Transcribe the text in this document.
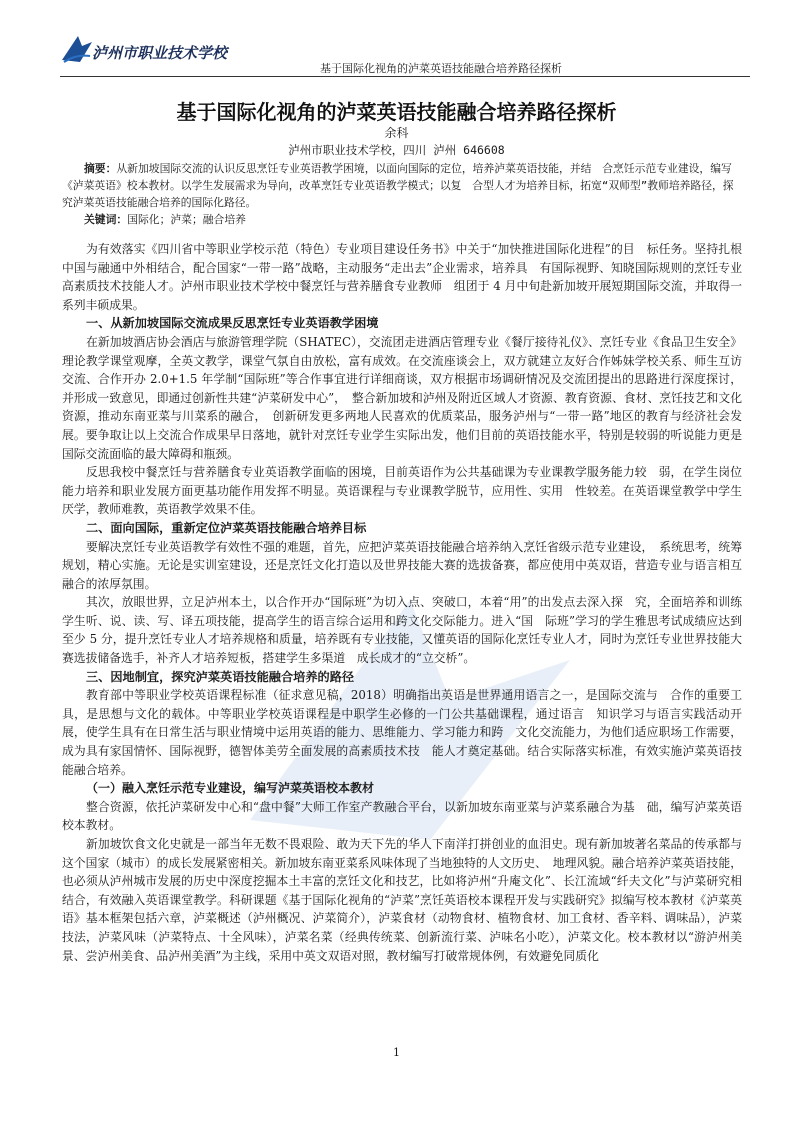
泸州市职业技术学校
基于国际化视角的泸菜英语技能融合培养路径探析
基于国际化视角的泸菜英语技能融合培养路径探析
余科
泸州市职业技术学校，四川 泸州 646608

摘要：从新加坡国际交流的认识反思烹饪专业英语教学困境，以面向国际的定位，培养泸菜英语技能，并结　合烹饪示范专业建设，编写《泸菜英语》校本教材。以学生发展需求为导向，改革烹饪专业英语教学模式；以复　合型人才为培养目标，拓宽“双师型”教师培养路径，探究泸菜英语技能融合培养的国际化路径。

关键词：国际化；泸菜；融合培养

为有效落实《四川省中等职业学校示范（特色）专业项目建设任务书》中关于“加快推进国际化进程”的目　标任务。坚持扎根中国与融通中外相结合，配合国家“一带一路”战略，主动服务“走出去”企业需求，培养具　有国际视野、知晓国际规则的烹饪专业高素质技术技能人才。泸州市职业技术学校中餐烹饪与营养膳食专业教师　组团于 4 月中旬赴新加坡开展短期国际交流，并取得一系列丰硕成果。

一、从新加坡国际交流成果反思烹饪专业英语教学困境

在新加坡酒店协会酒店与旅游管理学院（SHATEC），交流团走进酒店管理专业《餐厅接待礼仪》、烹饪专业《食品卫生安全》理论教学课堂观摩，全英文教学，课堂气氛自由放松，富有成效。在交流座谈会上，双方就建立友好合作姊妹学校关系、师生互访交流、合作开办 2.0+1.5 年学制“国际班”等合作事宜进行详细商谈，双方根据市场调研情况及交流团提出的思路进行深度探讨，并形成一致意见，即通过创新性共建“泸菜研发中心”，　整合新加坡和泸州及附近区域人才资源、教育资源、食材、烹饪技艺和文化资源，推动东南亚菜与川菜系的融合，　创新研发更多两地人民喜欢的优质菜品，服务泸州与“一带一路”地区的教育与经济社会发展。要争取让以上交流合作成果早日落地，就针对烹饪专业学生实际出发，他们目前的英语技能水平，特别是较弱的听说能力更是国际交流面临的最大障碍和瓶颈。

反思我校中餐烹饪与营养膳食专业英语教学面临的困境，目前英语作为公共基础课为专业课教学服务能力较　弱，在学生岗位能力培养和职业发展方面更基功能作用发挥不明显。英语课程与专业课教学脱节，应用性、实用　性较差。在英语课堂教学中学生厌学，教师难教，英语教学效果不佳。

二、面向国际，重新定位泸菜英语技能融合培养目标

要解决烹饪专业英语教学有效性不强的难题，首先，应把泸菜英语技能融合培养纳入烹饪省级示范专业建设，　系统思考，统筹规划，精心实施。无论是实训室建设，还是烹饪文化打造以及世界技能大赛的选拔备赛，都应使用中英双语，营造专业与语言相互融合的浓厚氛围。

其次，放眼世界，立足泸州本土，以合作开办“国际班”为切入点、突破口，本着“用”的出发点去深入探　究，全面培养和训练学生听、说、读、写、译五项技能，提高学生的语言综合运用和跨文化交际能力。进入“国　际班”学习的学生雅思考试成绩应达到至少 5 分，提升烹饪专业人才培养规格和质量，培养既有专业技能，又懂英语的国际化烹饪专业人才，同时为烹饪专业世界技能大赛选拔储备选手，补齐人才培养短板，搭建学生多渠道　成长成才的“立交桥”。

三、因地制宜，探究泸菜英语技能融合培养的路径

教育部中等职业学校英语课程标准（征求意见稿，2018）明确指出英语是世界通用语言之一，是国际交流与　合作的重要工具，是思想与文化的载体。中等职业学校英语课程是中职学生必修的一门公共基础课程，通过语言　知识学习与语言实践活动开展，使学生具有在日常生活与职业情境中运用英语的能力、思维能力、学习能力和跨　文化交流能力，为他们适应职场工作需要，成为具有家国情怀、国际视野，德智体美劳全面发展的高素质技术技　能人才奠定基础。结合实际落实标准，有效实施泸菜英语技能融合培养。

（一）融入烹饪示范专业建设，编写泸菜英语校本教材

整合资源，依托泸菜研发中心和“盘中餐”大师工作室产教融合平台，以新加坡东南亚菜与泸菜系融合为基　础，编写泸菜英语校本教材。

新加坡饮食文化史就是一部当年无数不畏艰险、敢为天下先的华人下南洋打拼创业的血泪史。现有新加坡著名菜品的传承都与这个国家（城市）的成长发展紧密相关。新加坡东南亚菜系风味体现了当地独特的人文历史、　地理风貌。融合培养泸菜英语技能，也必须从泸州城市发展的历史中深度挖掘本土丰富的烹饪文化和技艺，比如将泸州“升庵文化”、长江流域“纤夫文化”与泸菜研究相结合，有效融入英语课堂教学。科研课题《基于国际化视角的“泸菜”烹饪英语校本课程开发与实践研究》拟编写校本教材《泸菜英语》基本框架包括六章，泸菜概述（泸州概况、泸菜简介），泸菜食材（动物食材、植物食材、加工食材、香辛料、调味品），泸菜技法，泸菜风味（泸菜特点、十全风味），泸菜名菜（经典传统菜、创新流行菜、泸味名小吃），泸菜文化。校本教材以“游泸州美景、尝泸州美食、品泸州美酒”为主线，采用中英文双语对照，教材编写打破常规体例，有效避免同质化

1
